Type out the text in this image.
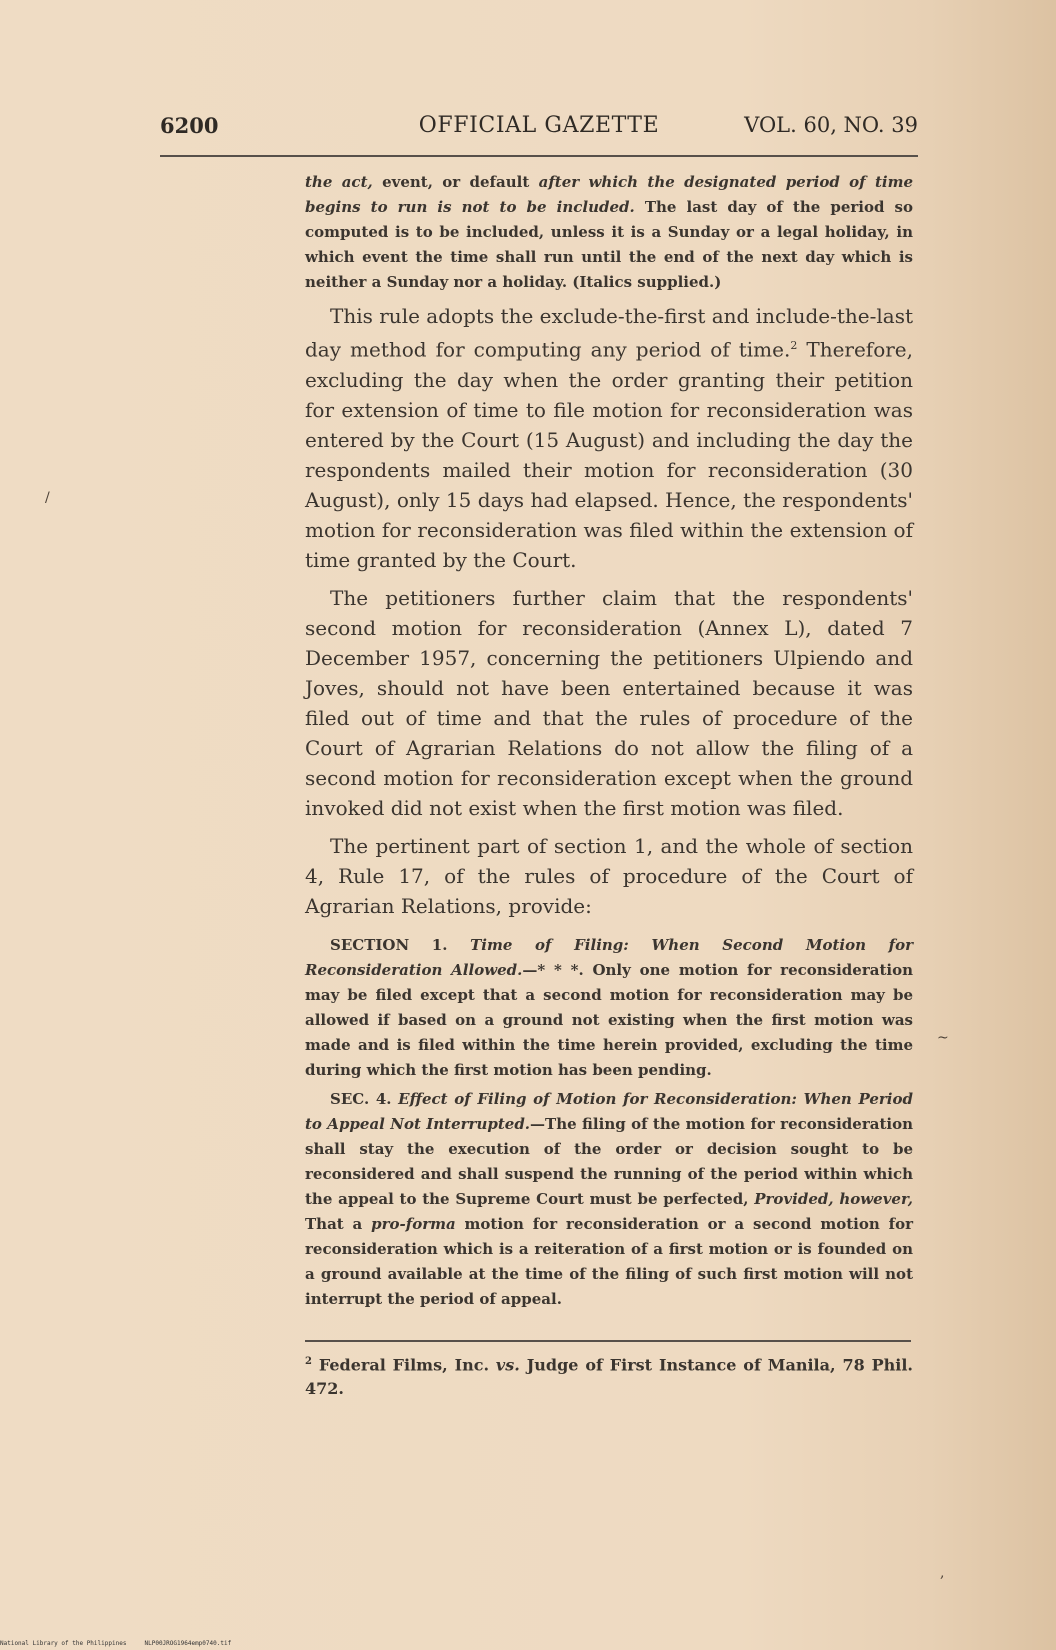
6200	OFFICIAL GAZETTE	VOL. 60, NO. 39

the act, event, or default after which the designated period of time begins to run is not to be included. The last day of the period so computed is to be included, unless it is a Sunday or a legal holiday, in which event the time shall run until the end of the next day which is neither a Sunday nor a holiday. (Italics supplied.)

This rule adopts the exclude-the-first and include-the-last day method for computing any period of time.$^2$ Therefore, excluding the day when the order granting their petition for extension of time to file motion for reconsideration was entered by the Court (15 August) and including the day the respondents mailed their motion for reconsideration (30 August), only 15 days had elapsed. Hence, the respondents' motion for reconsideration was filed within the extension of time granted by the Court.

The petitioners further claim that the respondents' second motion for reconsideration (Annex L), dated 7 December 1957, concerning the petitioners Ulpiendo and Joves, should not have been entertained because it was filed out of time and that the rules of procedure of the Court of Agrarian Relations do not allow the filing of a second motion for reconsideration except when the ground invoked did not exist when the first motion was filed.

The pertinent part of section 1, and the whole of section 4, Rule 17, of the rules of procedure of the Court of Agrarian Relations, provide:

SECTION 1. Time of Filing: When Second Motion for Reconsideration Allowed.—* * *. Only one motion for reconsideration may be filed except that a second motion for reconsideration may be allowed if based on a ground not existing when the first motion was made and is filed within the time herein provided, excluding the time during which the first motion has been pending.

SEC. 4. Effect of Filing of Motion for Reconsideration: When Period to Appeal Not Interrupted.—The filing of the motion for reconsideration shall stay the execution of the order or decision sought to be reconsidered and shall suspend the running of the period within which the appeal to the Supreme Court must be perfected, Provided, however, That a pro-forma motion for reconsideration or a second motion for reconsideration which is a reiteration of a first motion or is founded on a ground available at the time of the filing of such first motion will not interrupt the period of appeal.

$^2$ Federal Films, Inc. vs. Judge of First Instance of Manila, 78 Phil. 472.
/
~
,
National Library of the Philippines	NLP00JROG1964emp0740.tif
